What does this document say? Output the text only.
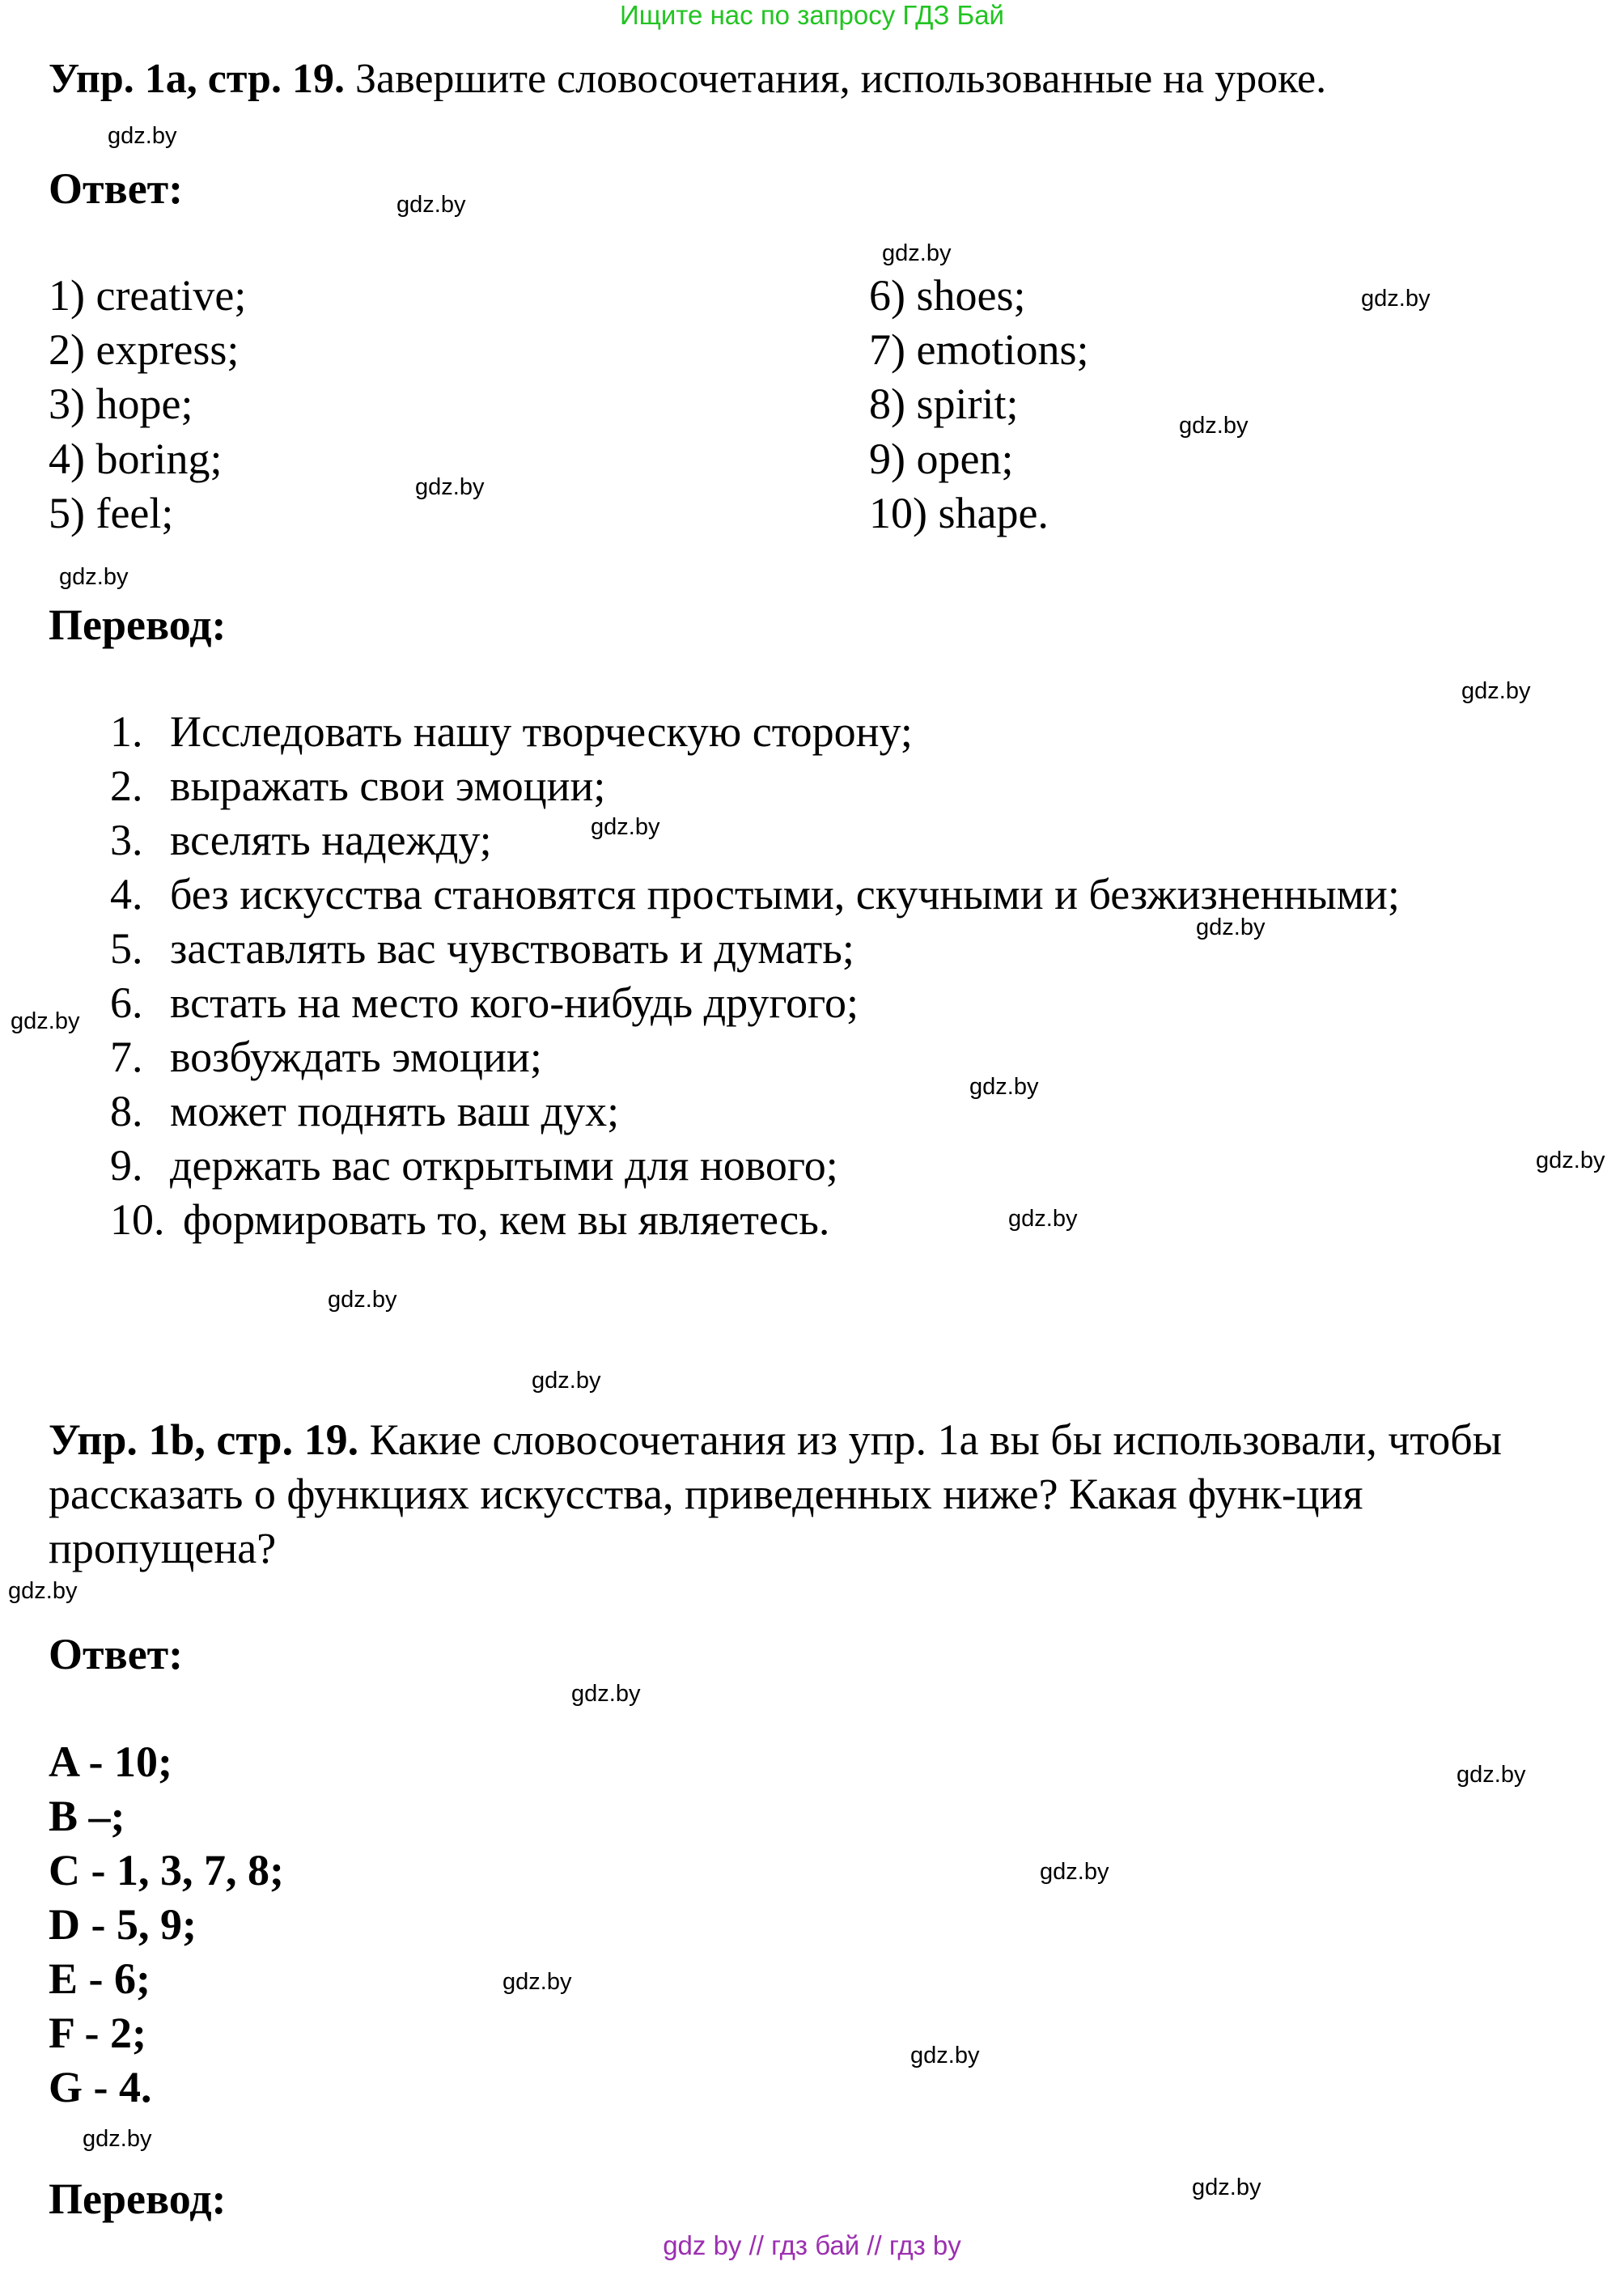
Ищите нас по запросу ГДЗ Бай
Упр. 1a, стр. 19. Завершите словосочетания, использованные на уроке.
Ответ:
1) creative;
2) express;
3) hope;
4) boring;
5) feel;
6) shoes;
7) emotions;
8) spirit;
9) open;
10) shape.
Перевод:
1. Исследовать нашу творческую сторону;
2. выражать свои эмоции;
3. вселять надежду;
4. без искусства становятся простыми, скучными и безжизненными;
5. заставлять вас чувствовать и думать;
6. встать на место кого-нибудь другого;
7. возбуждать эмоции;
8. может поднять ваш дух;
9. держать вас открытыми для нового;
10. формировать то, кем вы являетесь.
Упр. 1b, стр. 19. Какие словосочетания из упр. 1а вы бы использовали, чтобы рассказать о функциях искусства, приведенных ниже? Какая функ-ция пропущена?
Ответ:
A - 10;
B –;
C - 1, 3, 7, 8;
D - 5, 9;
E - 6;
F - 2;
G - 4.
Перевод:
gdz.by
gdz.by
gdz.by
gdz.by
gdz.by
gdz.by
gdz.by
gdz.by
gdz.by
gdz.by
gdz.by
gdz.by
gdz.by
gdz.by
gdz.by
gdz.by
gdz.by
gdz.by
gdz.by
gdz.by
gdz.by
gdz.by
gdz.by
gdz.by
gdz by // гдз бай // гдз by
